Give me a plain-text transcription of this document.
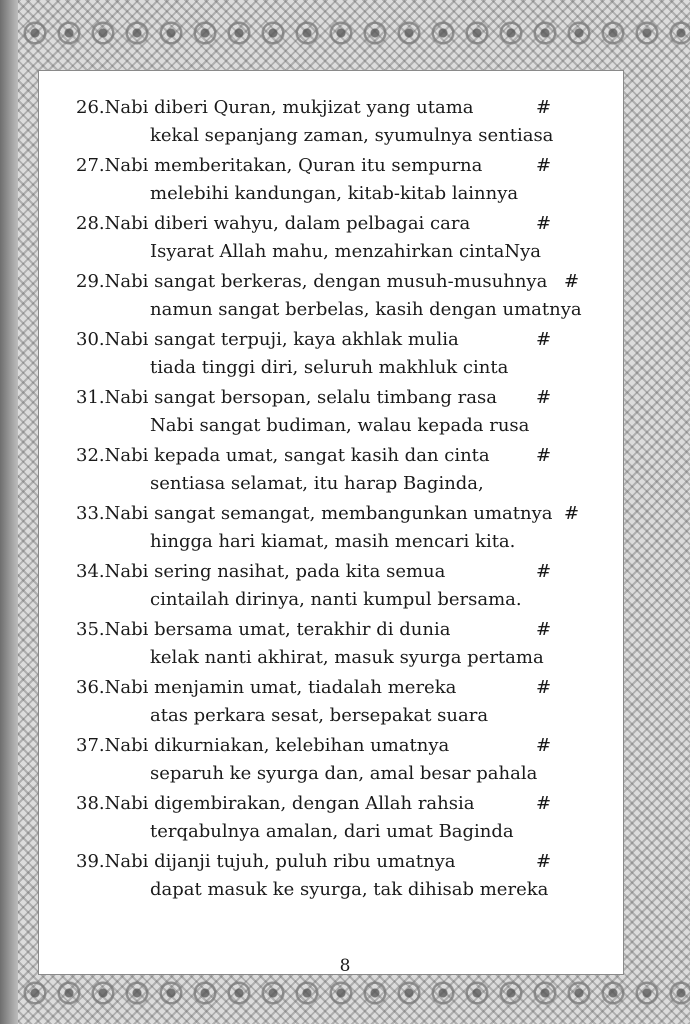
26.Nabi diberi Quran, mukjizat yang utama	#
kekal sepanjang zaman, syumulnya sentiasa
27.Nabi memberitakan, Quran itu sempurna	#
melebihi kandungan, kitab-kitab lainnya
28.Nabi diberi wahyu, dalam pelbagai cara	#
Isyarat Allah mahu, menzahirkan cintaNya
29.Nabi sangat berkeras, dengan musuh-musuhnya #
namun sangat berbelas, kasih dengan umatnya
30.Nabi sangat terpuji, kaya akhlak mulia	#
tiada tinggi diri, seluruh makhluk cinta
31.Nabi sangat bersopan, selalu timbang rasa #
Nabi sangat budiman, walau kepada rusa
32.Nabi kepada umat, sangat kasih dan cinta	#
sentiasa selamat, itu harap Baginda,
33.Nabi sangat semangat, membangunkan umatnya #
hingga hari kiamat, masih mencari kita.
34.Nabi sering nasihat, pada kita semua	#
cintailah dirinya, nanti kumpul bersama.
35.Nabi bersama umat, terakhir di dunia	#
kelak nanti akhirat, masuk syurga pertama
36.Nabi menjamin umat, tiadalah mereka	#
atas perkara sesat, bersepakat suara
37.Nabi dikurniakan, kelebihan umatnya	#
separuh ke syurga dan, amal besar pahala
38.Nabi digembirakan, dengan Allah rahsia	#
terqabulnya amalan, dari umat Baginda
39.Nabi dijanji tujuh, puluh ribu umatnya	#
dapat masuk ke syurga, tak dihisab mereka
8
